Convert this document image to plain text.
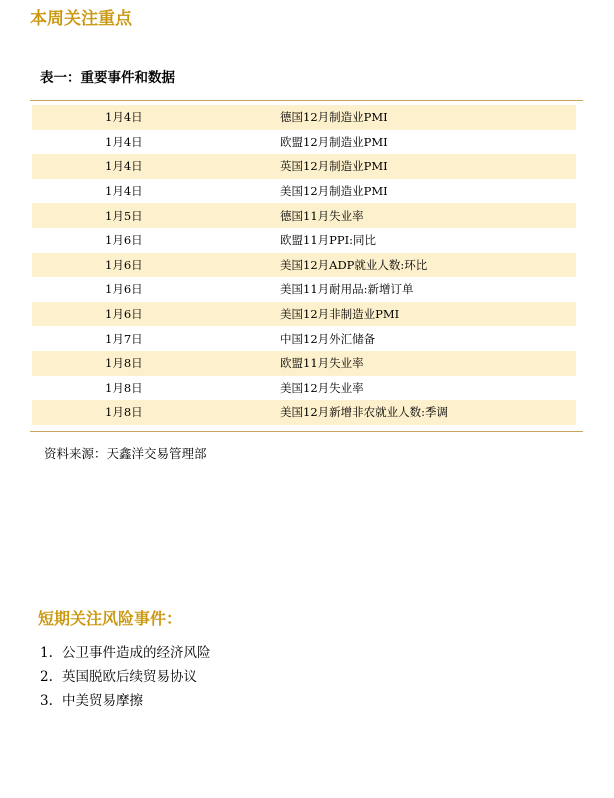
本周关注重点
表一：重要事件和数据
1月4日	德国12月制造业PMI
1月4日	欧盟12月制造业PMI
1月4日	英国12月制造业PMI
1月4日	美国12月制造业PMI
1月5日	德国11月失业率
1月6日	欧盟11月PPI:同比
1月6日	美国12月ADP就业人数:环比
1月6日	美国11月耐用品:新增订单
1月6日	美国12月非制造业PMI
1月7日	中国12月外汇储备
1月8日	欧盟11月失业率
1月8日	美国12月失业率
1月8日	美国12月新增非农就业人数:季调
资料来源：天鑫洋交易管理部
短期关注风险事件：
1. 公卫事件造成的经济风险
2. 英国脱欧后续贸易协议
3. 中美贸易摩擦
